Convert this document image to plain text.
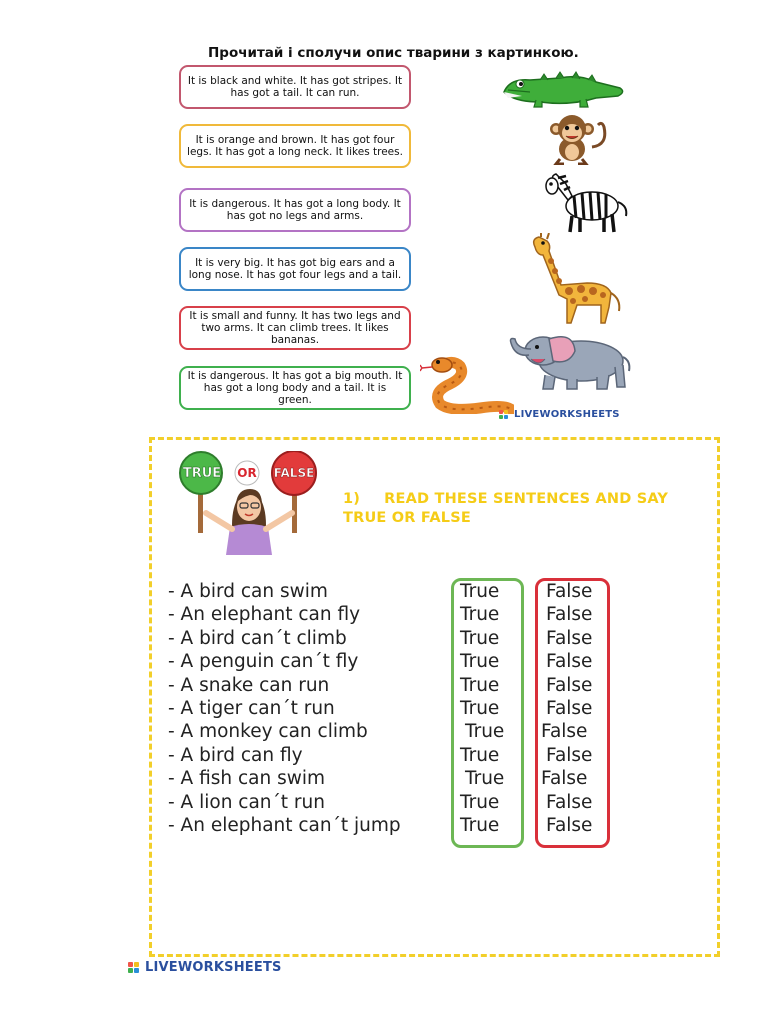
Прочитай і сполучи опис тварини з картинкою.
It is black and white. It has got stripes. It has got a tail. It can run.
It is orange and brown. It has got four legs. It has got a long neck. It likes trees.
It is dangerous. It has got a long body. It has got no legs and arms.
It is very big. It has got big ears and a long nose. It has got four legs and a tail.
It is small and funny. It has two legs and two arms. It can climb trees. It likes bananas.
It is dangerous. It has got a big mouth. It has got a long body and a tail. It is green.
LIVEWORKSHEETS
TRUE	OR	FALSE
1) READ THESE SENTENCES AND SAY TRUE OR FALSE
- A bird can swim	True	False
- An elephant can fly	True	False
- A bird can´t climb	True	False
- A penguin can´t fly	True	False
- A snake can run	True	False
- A tiger can´t run	True	False
- A monkey can climb	True False
- A bird can fly	True	False
- A fish can swim	True False
- A lion can´t run	True	False
- An elephant can´t jump	True	False
LIVEWORKSHEETS
